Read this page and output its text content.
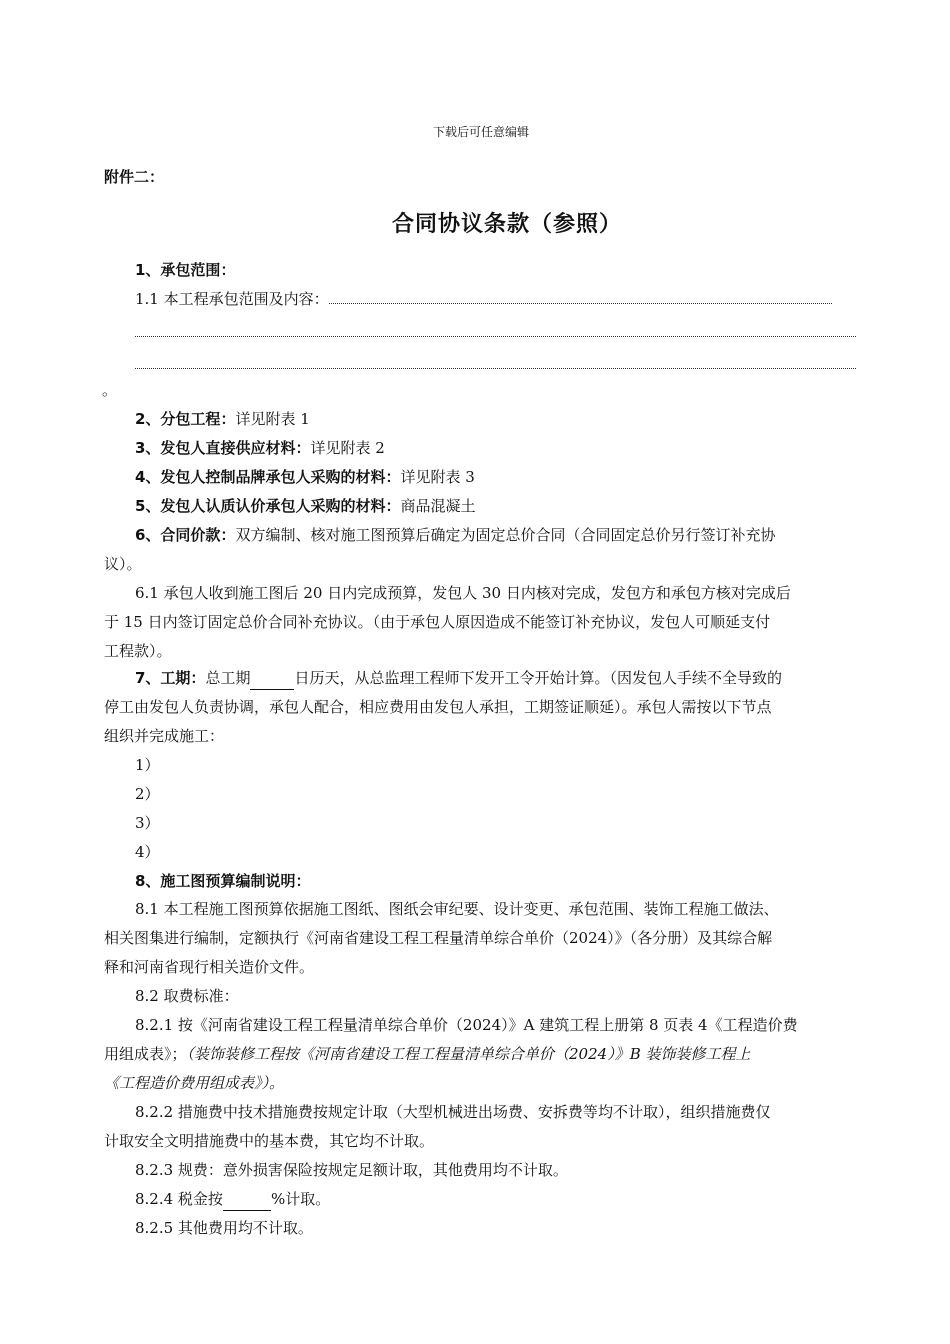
下载后可任意编辑
附件二：
合同协议条款（参照）
1、承包范围：
1.1 本工程承包范围及内容：
。
2、分包工程：详见附表 1
3、发包人直接供应材料：详见附表 2
4、发包人控制品牌承包人采购的材料：详见附表 3
5、发包人认质认价承包人采购的材料：商品混凝土
6、合同价款：双方编制、核对施工图预算后确定为固定总价合同（合同固定总价另行签订补充协
议）。
6.1 承包人收到施工图后 20 日内完成预算，发包人 30 日内核对完成，发包方和承包方核对完成后
于 15 日内签订固定总价合同补充协议。（由于承包人原因造成不能签订补充协议，发包人可顺延支付
工程款）。
7、工期：总工期	日历天，从总监理工程师下发开工令开始计算。（因发包人手续不全导致的
停工由发包人负责协调，承包人配合，相应费用由发包人承担，工期签证顺延）。承包人需按以下节点
组织并完成施工：
1）
2）
3）
4）
8、施工图预算编制说明：
8.1 本工程施工图预算依据施工图纸、图纸会审纪要、设计变更、承包范围、装饰工程施工做法、
相关图集进行编制，定额执行《河南省建设工程工程量清单综合单价（2024）》（各分册）及其综合解
释和河南省现行相关造价文件。
8.2 取费标准：
8.2.1 按《河南省建设工程工程量清单综合单价（2024）》A 建筑工程上册第 8 页表 4《工程造价费
用组成表》；（装饰装修工程按《河南省建设工程工程量清单综合单价（2024）》B 装饰装修工程上
《工程造价费用组成表》）。
8.2.2 措施费中技术措施费按规定计取（大型机械进出场费、安拆费等均不计取），组织措施费仅
计取安全文明措施费中的基本费，其它均不计取。
8.2.3 规费：意外损害保险按规定足额计取，其他费用均不计取。
8.2.4 税金按	%计取。
8.2.5 其他费用均不计取。
